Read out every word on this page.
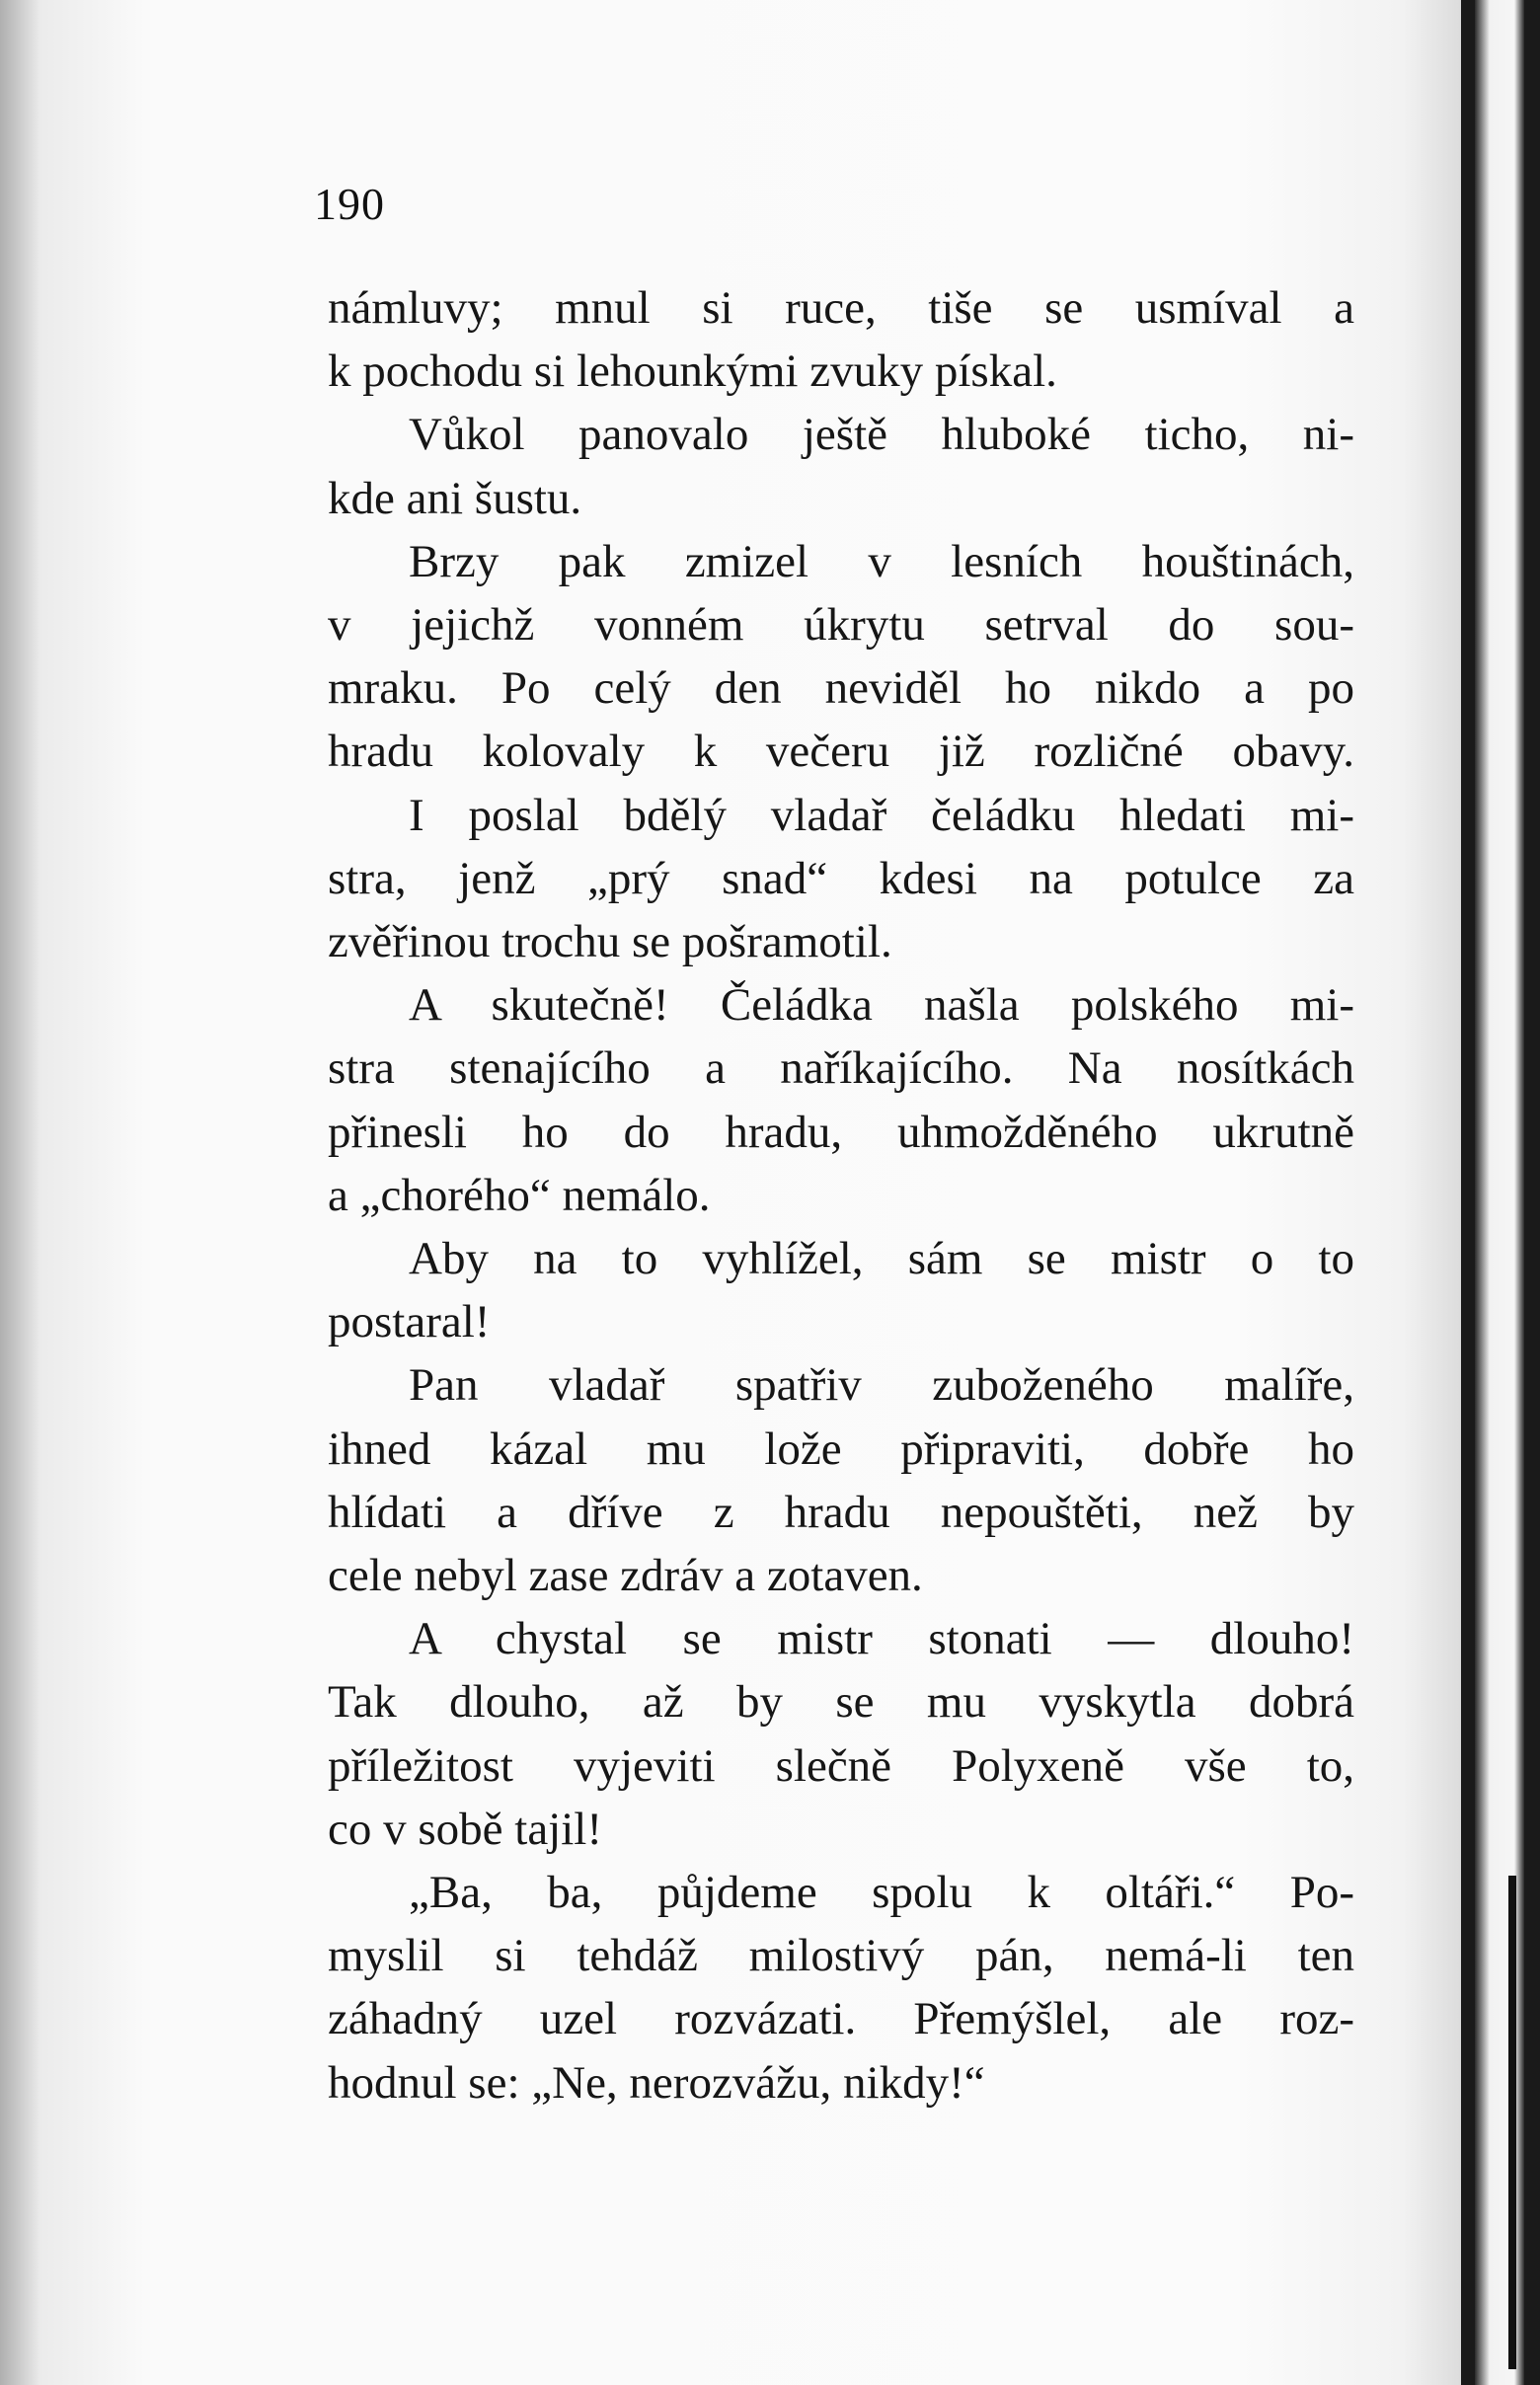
190
námluvy; mnul si ruce, tiše se usmíval a
k pochodu si lehounkými zvuky pískal.
Vůkol panovalo ještě hluboké ticho, ni-
kde ani šustu.
Brzy pak zmizel v lesních houštinách,
v jejichž vonném úkrytu setrval do sou-
mraku. Po celý den neviděl ho nikdo a po
hradu kolovaly k večeru již rozličné obavy.
I poslal bdělý vladař čeládku hledati mi-
stra, jenž „prý snad“ kdesi na potulce za
zvěřinou trochu se pošramotil.
A skutečně! Čeládka našla polského mi-
stra stenajícího a naříkajícího. Na nosítkách
přinesli ho do hradu, uhmožděného ukrutně
a „chorého“ nemálo.
Aby na to vyhlížel, sám se mistr o to
postaral!
Pan vladař spatřiv zuboženého malíře,
ihned kázal mu lože připraviti, dobře ho
hlídati a dříve z hradu nepouštěti, než by
cele nebyl zase zdráv a zotaven.
A chystal se mistr stonati — dlouho!
Tak dlouho, až by se mu vyskytla dobrá
příležitost vyjeviti slečně Polyxeně vše to,
co v sobě tajil!
„Ba, ba, půjdeme spolu k oltáři.“ Po-
myslil si tehdáž milostivý pán, nemá-li ten
záhadný uzel rozvázati. Přemýšlel, ale roz-
hodnul se: „Ne, nerozvážu, nikdy!“
